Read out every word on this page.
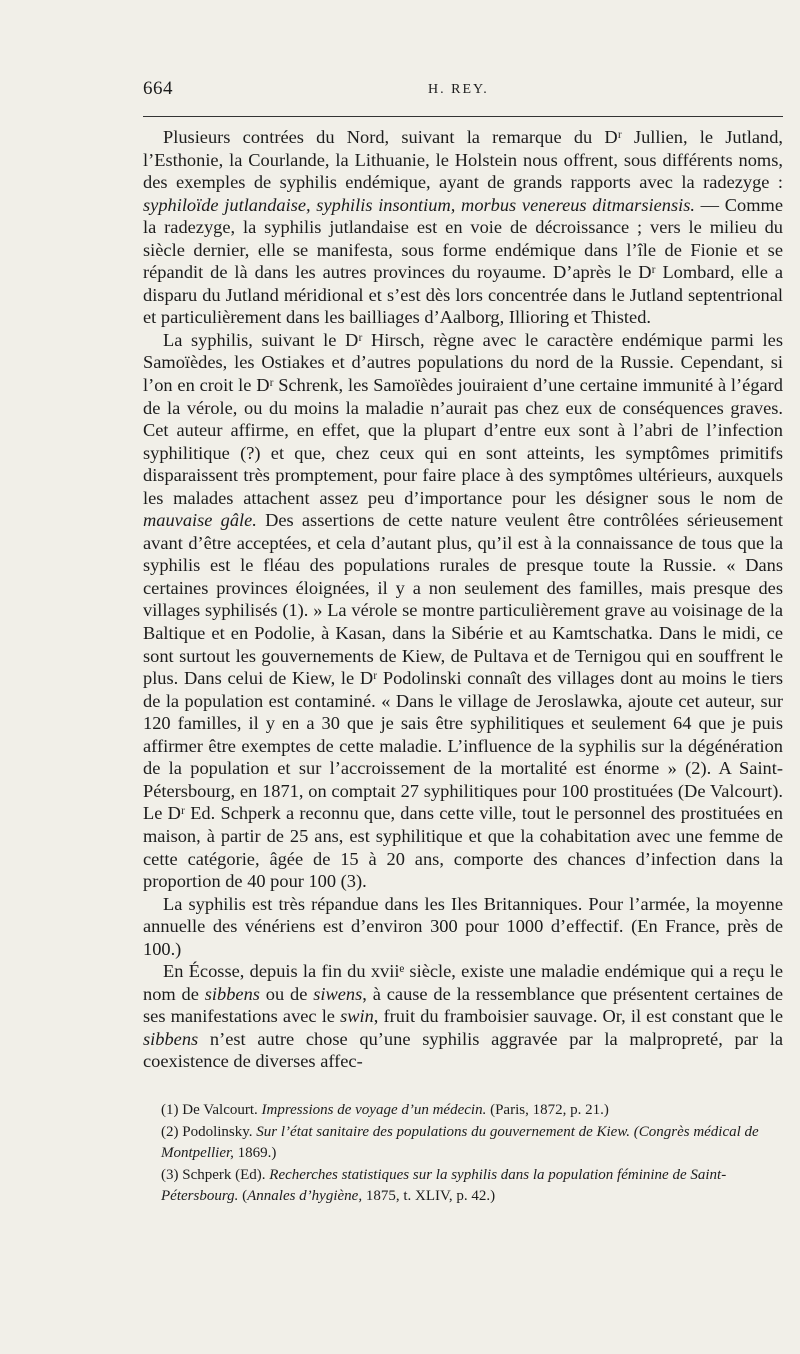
664	H. REY.

Plusieurs contrées du Nord, suivant la remarque du Dʳ Jullien, le Jutland, l’Esthonie, la Courlande, la Lithuanie, le Holstein nous offrent, sous différents noms, des exemples de syphilis endémique, ayant de grands rapports avec la radezyge : syphiloïde jutlandaise, syphilis insontium, morbus venereus ditmarsiensis. — Comme la radezyge, la syphilis jutlandaise est en voie de décroissance ; vers le milieu du siècle dernier, elle se manifesta, sous forme endémique dans l’île de Fionie et se répandit de là dans les autres provinces du royaume. D’après le Dʳ Lombard, elle a disparu du Jutland méridional et s’est dès lors concentrée dans le Jutland septentrional et particulièrement dans les bailliages d’Aalborg, Illioring et Thisted.

La syphilis, suivant le Dʳ Hirsch, règne avec le caractère endémique parmi les Samoïèdes, les Ostiakes et d’autres populations du nord de la Russie. Cependant, si l’on en croit le Dʳ Schrenk, les Samoïèdes jouiraient d’une certaine immunité à l’égard de la vérole, ou du moins la maladie n’aurait pas chez eux de conséquences graves. Cet auteur affirme, en effet, que la plupart d’entre eux sont à l’abri de l’infection syphilitique (?) et que, chez ceux qui en sont atteints, les symptômes primitifs disparaissent très promptement, pour faire place à des symptômes ultérieurs, auxquels les malades attachent assez peu d’importance pour les désigner sous le nom de mauvaise gâle. Des assertions de cette nature veulent être contrôlées sérieusement avant d’être acceptées, et cela d’autant plus, qu’il est à la connaissance de tous que la syphilis est le fléau des populations rurales de presque toute la Russie. « Dans certaines provinces éloignées, il y a non seulement des familles, mais presque des villages syphilisés (1). » La vérole se montre particulièrement grave au voisinage de la Baltique et en Podolie, à Kasan, dans la Sibérie et au Kamtschatka. Dans le midi, ce sont surtout les gouvernements de Kiew, de Pultava et de Ternigou qui en souffrent le plus. Dans celui de Kiew, le Dʳ Podolinski connaît des villages dont au moins le tiers de la population est contaminé. « Dans le village de Jeroslawka, ajoute cet auteur, sur 120 familles, il y en a 30 que je sais être syphilitiques et seulement 64 que je puis affirmer être exemptes de cette maladie. L’influence de la syphilis sur la dégénération de la population et sur l’accroissement de la mortalité est énorme » (2). A Saint-Pétersbourg, en 1871, on comptait 27 syphilitiques pour 100 prostituées (De Valcourt). Le Dʳ Ed. Schperk a reconnu que, dans cette ville, tout le personnel des prostituées en maison, à partir de 25 ans, est syphilitique et que la cohabitation avec une femme de cette catégorie, âgée de 15 à 20 ans, comporte des chances d’infection dans la proportion de 40 pour 100 (3).

La syphilis est très répandue dans les Iles Britanniques. Pour l’armée, la moyenne annuelle des vénériens est d’environ 300 pour 1000 d’effectif. (En France, près de 100.)

En Écosse, depuis la fin du xviiᵉ siècle, existe une maladie endémique qui a reçu le nom de sibbens ou de siwens, à cause de la ressemblance que présentent certaines de ses manifestations avec le swin, fruit du framboisier sauvage. Or, il est constant que le sibbens n’est autre chose qu’une syphilis aggravée par la malpropreté, par la coexistence de diverses affec-

(1) De Valcourt. Impressions de voyage d’un médecin. (Paris, 1872, p. 21.)

(2) Podolinsky. Sur l’état sanitaire des populations du gouvernement de Kiew. (Congrès médical de Montpellier, 1869.)

(3) Schperk (Ed). Recherches statistiques sur la syphilis dans la population féminine de Saint-Pétersbourg. (Annales d’hygiène, 1875, t. XLIV, p. 42.)
